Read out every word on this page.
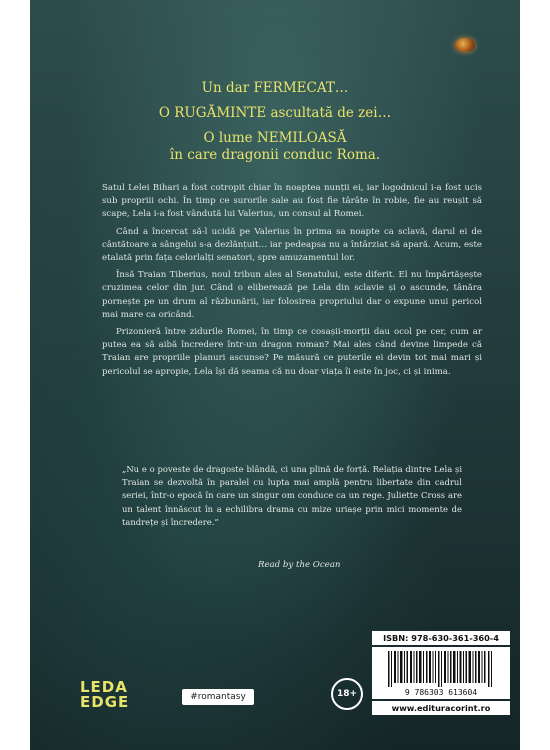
Un dar FERMECAT…
O RUGĂMINTE ascultată de zei…
O lume NEMILOASĂ
în care dragonii conduc Roma.

Satul Lelei Bihari a fost cotropit chiar în noaptea nunții ei, iar logodnicul i-a fost ucis sub propriii ochi. În timp ce surorile sale au fost fie târâte în robie, fie au reușit să scape, Lela i-a fost vândută lui Valerius, un consul al Romei.

Când a încercat să-l ucidă pe Valerius în prima sa noapte ca sclavă, darul ei de cântătoare a sângelui s-a dezlănțuit… iar pedeapsa nu a întârziat să apară. Acum, este etalată prin fața celorlalți senatori, spre amuzamentul lor.

Însă Traian Tiberius, noul tribun ales al Senatului, este diferit. El nu împărtășește cruzimea celor din jur. Când o eliberează pe Lela din sclavie și o ascunde, tânăra pornește pe un drum al răzbunării, iar folosirea propriului dar o expune unui pericol mai mare ca oricând.

Prizonieră între zidurile Romei, în timp ce cosașii-morții dau ocol pe cer, cum ar putea ea să aibă încredere într-un dragon roman? Mai ales când devine limpede că Traian are propriile planuri ascunse? Pe măsură ce puterile ei devin tot mai mari și pericolul se apropie, Lela își dă seama că nu doar viața îi este în joc, ci și inima.

„Nu e o poveste de dragoste blândă, ci una plină de forță. Relația dintre Lela și Traian se dezvoltă în paralel cu lupta mai amplă pentru libertate din cadrul seriei, într-o epocă în care un singur om conduce ca un rege. Juliette Cross are un talent înnăscut în a echilibra drama cu mize uriașe prin mici momente de tandrețe și încredere.”
Read by the Ocean
LEDA
EDGE	#romantasy	18+
ISBN: 978-630-361-360-4
9 786303 613604
www.edituracorint.ro
